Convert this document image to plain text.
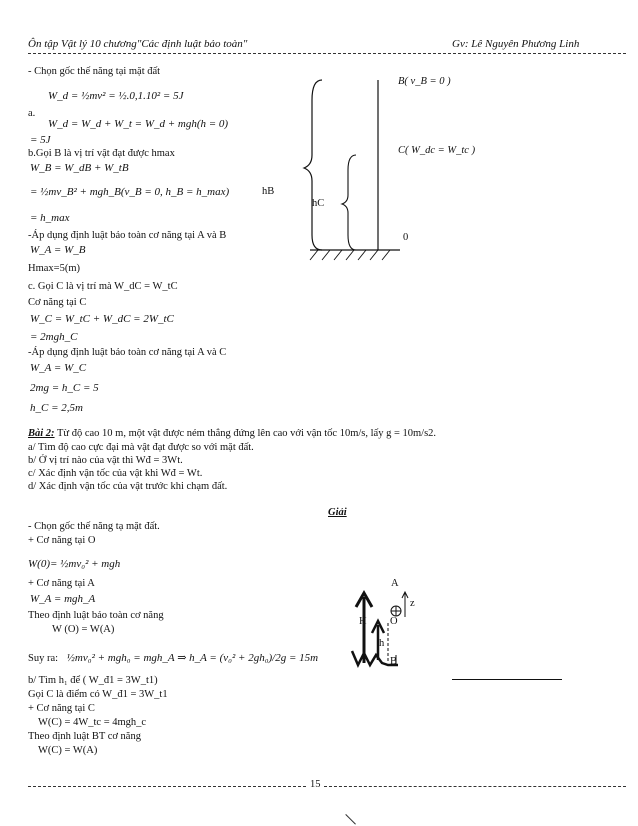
Ôn tập Vật lý 10 chương"Các định luật bảo toàn"	Gv: Lê Nguyên Phương Linh
- Chọn gốc thế năng tại mặt đất
a.
W_d = ½mv² = ½.0,1.10² = 5J
W_d = W_d + W_t = W_d + mgh(h = 0)
= 5J
b.Gọi B là vị trí vật đạt được hmax
W_B = W_dB + W_tB
= ½mv_B² + mgh_B(v_B = 0, h_B = h_max)
= h_max
-Áp dụng định luật bảo toàn cơ năng tại A và B
W_A = W_B
Hmax=5(m)
c. Gọi C là vị trí mà W_dC = W_tC
Cơ năng tại C
W_C = W_tC + W_dC = 2W_tC
= 2mgh_C
-Áp dụng định luật bảo toàn cơ năng tại A và C
W_A = W_C
2mg = h_C = 5
h_C = 2,5m
B( v_B = 0 )
C( W_dc = W_tc )
0
hB
hC
Bài 2: Từ độ cao 10 m, một vật được ném thẳng đứng lên cao với vận tốc 10m/s, lấy g = 10m/s2.
a/ Tìm độ cao cực đại mà vật đạt được so với mặt đất.
b/ Ở vị trí nào của vật thì Wđ = 3Wt.
c/ Xác định vận tốc của vật khi Wđ = Wt.
d/ Xác định vận tốc của vật trước khi chạm đất.
Giải
- Chọn gốc thế năng tạ mặt đất.
+ Cơ năng tại O
W(0)= ½mv₀² + mgh
+ Cơ năng tại A
W_A = mgh_A
Theo định luật bảo toàn cơ năng
W (O) = W(A)
Suy ra: ½mv₀² + mgh₀ = mgh_A ⇒ h_A = (v₀² + 2gh₀)/2g = 15m
b/ Tìm h₁ để ( W_đ1 = 3W_t1)
Gọi C là điểm có W_đ1 = 3W_t1
+ Cơ năng tại C
W(C) = 4W_tc = 4mgh_c
Theo định luật BT cơ năng
W(C) = W(A)
A
z
H O
h
B
15
